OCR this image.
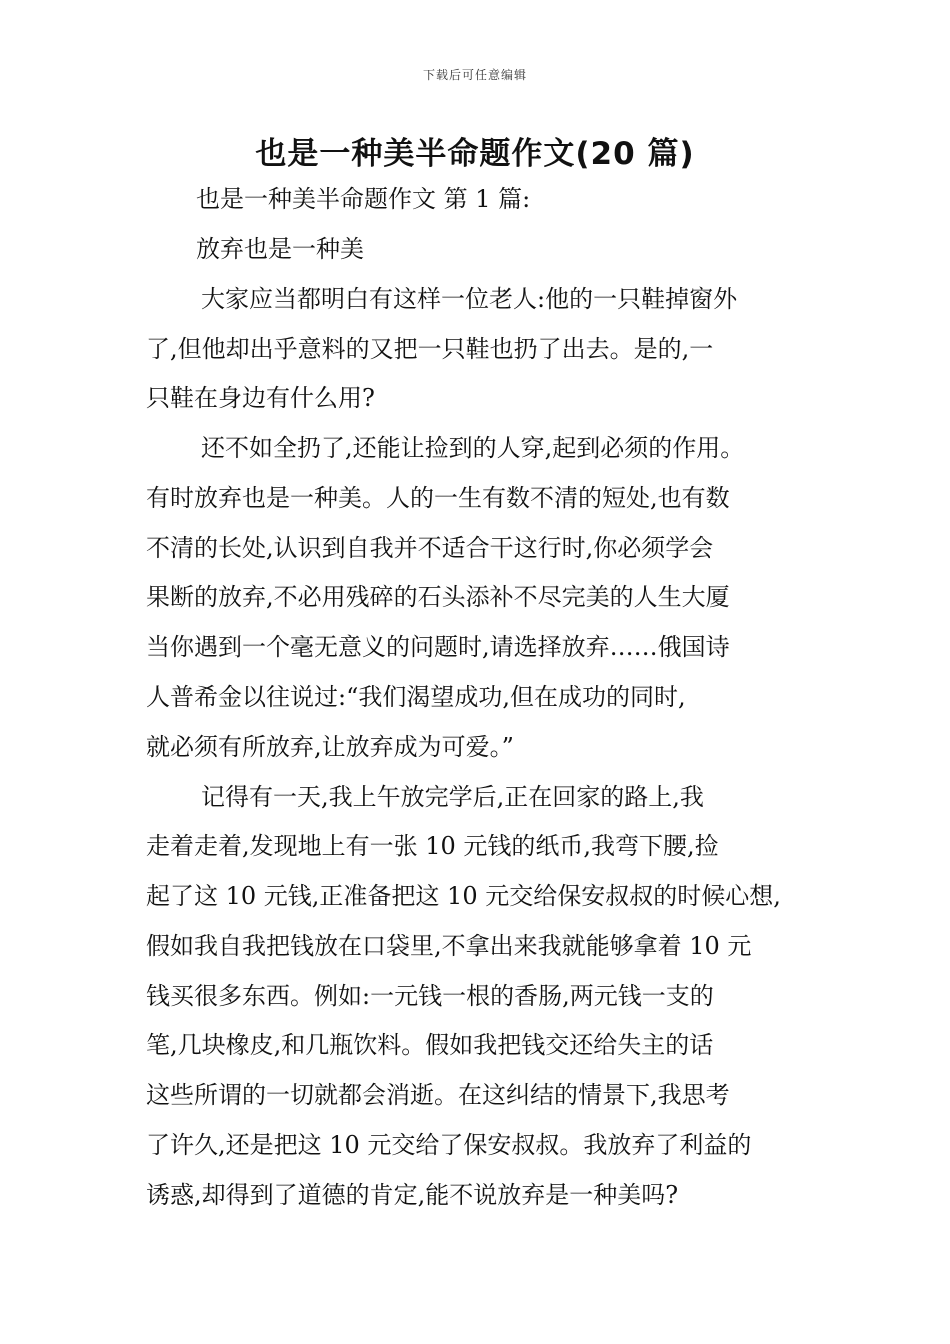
下载后可任意编辑
也是一种美半命题作文(20 篇)

也是一种美半命题作文 第 1 篇:

放弃也是一种美

大家应当都明白有这样一位老人:他的一只鞋掉窗外

了,但他却出乎意料的又把一只鞋也扔了出去。是的,一

只鞋在身边有什么用?

还不如全扔了,还能让捡到的人穿,起到必须的作用。

有时放弃也是一种美。人的一生有数不清的短处,也有数

不清的长处,认识到自我并不适合干这行时,你必须学会

果断的放弃,不必用残碎的石头添补不尽完美的人生大厦

当你遇到一个毫无意义的问题时,请选择放弃……俄国诗

人普希金以往说过:“我们渴望成功,但在成功的同时,

就必须有所放弃,让放弃成为可爱。”

记得有一天,我上午放完学后,正在回家的路上,我

走着走着,发现地上有一张 10 元钱的纸币,我弯下腰,捡

起了这 10 元钱,正准备把这 10 元交给保安叔叔的时候心想,

假如我自我把钱放在口袋里,不拿出来我就能够拿着 10 元

钱买很多东西。例如:一元钱一根的香肠,两元钱一支的

笔,几块橡皮,和几瓶饮料。假如我把钱交还给失主的话

这些所谓的一切就都会消逝。在这纠结的情景下,我思考

了许久,还是把这 10 元交给了保安叔叔。我放弃了利益的

诱惑,却得到了道德的肯定,能不说放弃是一种美吗?
